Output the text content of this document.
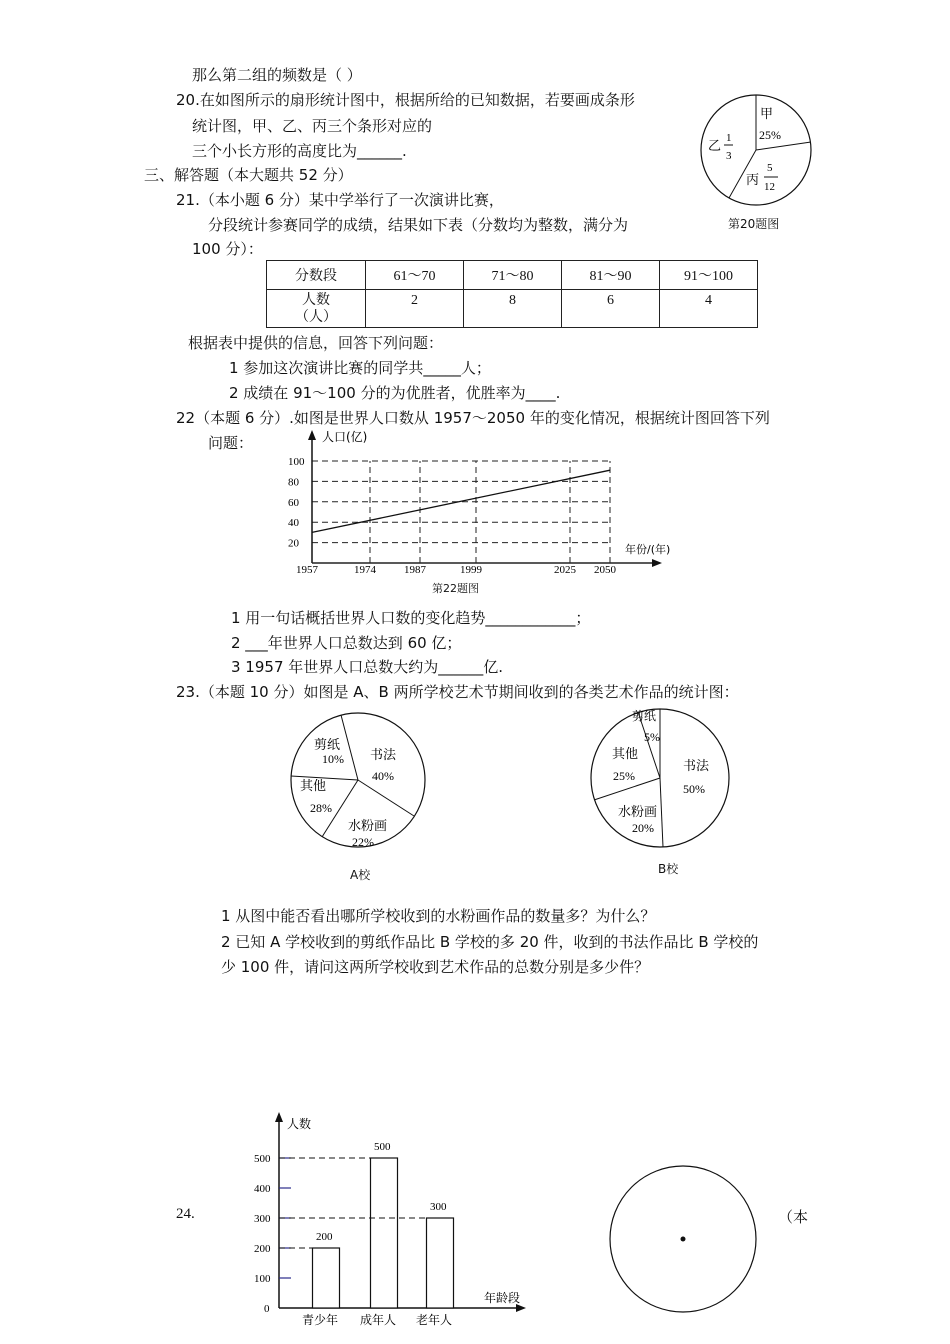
那么第二组的频数是（ ）
20.在如图所示的扇形统计图中，根据所给的已知数据，若要画成条形
统计图，甲、乙、丙三个条形对应的
三个小长方形的高度比为______.
甲
25%
乙
1
3
丙
5
12
第20题图
三、解答题（本大题共 52 分）
21.（本小题 6 分）某中学举行了一次演讲比赛，
分段统计参赛同学的成绩，结果如下表（分数均为整数，满分为
100 分）：
分数段	61～70	71～80	81～90	91～100

人数
（人）	2	8	6	4
根据表中提供的信息，回答下列问题：
1 参加这次演讲比赛的同学共_____人；
2 成绩在 91～100 分的为优胜者，优胜率为____.
22（本题 6 分）.如图是世界人口数从 1957～2050 年的变化情况，根据统计图回答下列
问题：	人口(亿)
年份/(年)
20
40
60
80
100
1957	1974	1987	1999	2025 2050
第22题图
1 用一句话概括世界人口数的变化趋势____________；
2 ___年世界人口总数达到 60 亿；
3 1957 年世界人口总数大约为______亿.
23.（本题 10 分）如图是 A、B 两所学校艺术节期间收到的各类艺术作品的统计图：
书法
40%
剪纸
10%
其他
28%
水粉画
22%
A校
剪纸
5%
书法
50%
其他
25%
水粉画
20%
B校
1 从图中能否看出哪所学校收到的水粉画作品的数量多？为什么？
2 已知 A 学校收到的剪纸作品比 B 学校的多 20 件，收到的书法作品比 B 学校的
少 100 件，请问这两所学校收到艺术作品的总数分别是多少件？
24.
人数
年龄段
0
100
200
300
400
500
200
青少年
500
成年人
300
老年人
（本
